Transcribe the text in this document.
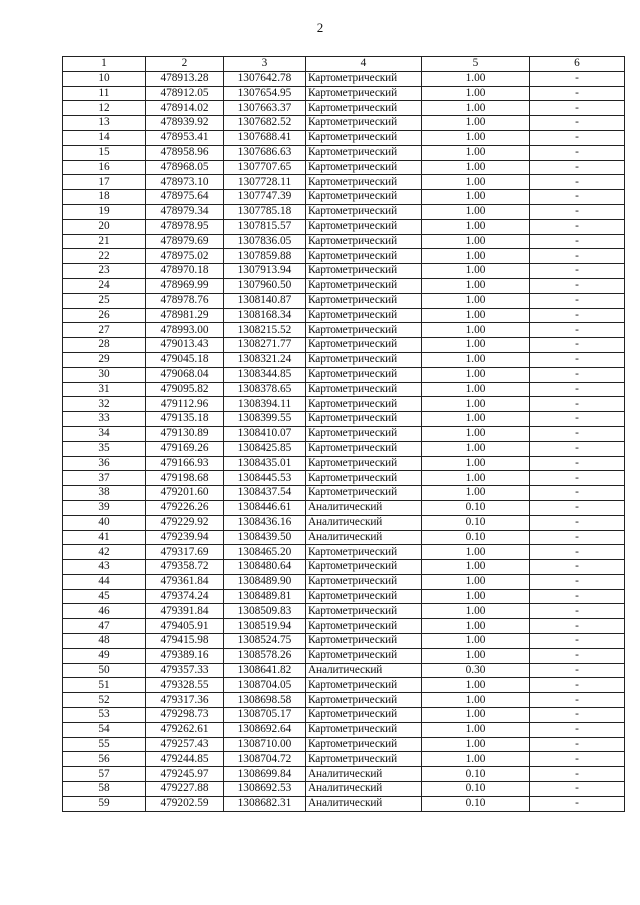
2
1	2	3	4	5	6
10	478913.28	1307642.78	Картометрический	1.00	-
11	478912.05	1307654.95	Картометрический	1.00	-
12	478914.02	1307663.37	Картометрический	1.00	-
13	478939.92	1307682.52	Картометрический	1.00	-
14	478953.41	1307688.41	Картометрический	1.00	-
15	478958.96	1307686.63	Картометрический	1.00	-
16	478968.05	1307707.65	Картометрический	1.00	-
17	478973.10	1307728.11	Картометрический	1.00	-
18	478975.64	1307747.39	Картометрический	1.00	-
19	478979.34	1307785.18	Картометрический	1.00	-
20	478978.95	1307815.57	Картометрический	1.00	-
21	478979.69	1307836.05	Картометрический	1.00	-
22	478975.02	1307859.88	Картометрический	1.00	-
23	478970.18	1307913.94	Картометрический	1.00	-
24	478969.99	1307960.50	Картометрический	1.00	-
25	478978.76	1308140.87	Картометрический	1.00	-
26	478981.29	1308168.34	Картометрический	1.00	-
27	478993.00	1308215.52	Картометрический	1.00	-
28	479013.43	1308271.77	Картометрический	1.00	-
29	479045.18	1308321.24	Картометрический	1.00	-
30	479068.04	1308344.85	Картометрический	1.00	-
31	479095.82	1308378.65	Картометрический	1.00	-
32	479112.96	1308394.11	Картометрический	1.00	-
33	479135.18	1308399.55	Картометрический	1.00	-
34	479130.89	1308410.07	Картометрический	1.00	-
35	479169.26	1308425.85	Картометрический	1.00	-
36	479166.93	1308435.01	Картометрический	1.00	-
37	479198.68	1308445.53	Картометрический	1.00	-
38	479201.60	1308437.54	Картометрический	1.00	-
39	479226.26	1308446.61	Аналитический	0.10	-
40	479229.92	1308436.16	Аналитический	0.10	-
41	479239.94	1308439.50	Аналитический	0.10	-
42	479317.69	1308465.20	Картометрический	1.00	-
43	479358.72	1308480.64	Картометрический	1.00	-
44	479361.84	1308489.90	Картометрический	1.00	-
45	479374.24	1308489.81	Картометрический	1.00	-
46	479391.84	1308509.83	Картометрический	1.00	-
47	479405.91	1308519.94	Картометрический	1.00	-
48	479415.98	1308524.75	Картометрический	1.00	-
49	479389.16	1308578.26	Картометрический	1.00	-
50	479357.33	1308641.82	Аналитический	0.30	-
51	479328.55	1308704.05	Картометрический	1.00	-
52	479317.36	1308698.58	Картометрический	1.00	-
53	479298.73	1308705.17	Картометрический	1.00	-
54	479262.61	1308692.64	Картометрический	1.00	-
55	479257.43	1308710.00	Картометрический	1.00	-
56	479244.85	1308704.72	Картометрический	1.00	-
57	479245.97	1308699.84	Аналитический	0.10	-
58	479227.88	1308692.53	Аналитический	0.10	-
59	479202.59	1308682.31	Аналитический	0.10	-
